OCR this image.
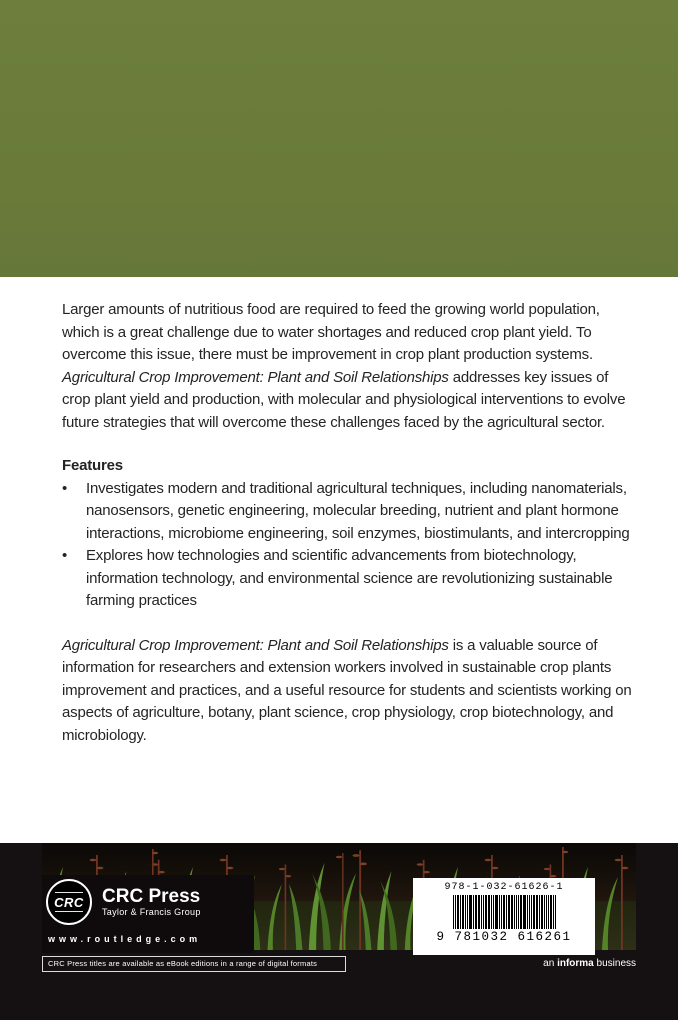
Larger amounts of nutritious food are required to feed the growing world population, which is a great challenge due to water shortages and reduced crop plant yield. To overcome this issue, there must be improvement in crop plant production systems. Agricultural Crop Improvement: Plant and Soil Relationships addresses key issues of crop plant yield and production, with molecular and physiological interventions to evolve future strategies that will overcome these challenges faced by the agricultural sector.

Features

•	Investigates modern and traditional agricultural techniques, including nanomaterials, nanosensors, genetic engineering, molecular breeding, nutrient and plant hormone interactions, microbiome engineering, soil enzymes, biostimulants, and intercropping
•	Explores how technologies and scientific advancements from biotechnology, information technology, and environmental science are revolutionizing sustainable farming practices

Agricultural Crop Improvement: Plant and Soil Relationships is a valuable source of information for researchers and extension workers involved in sustainable crop plants improvement and practices, and a useful resource for students and scientists working on aspects of agriculture, botany, plant science, crop physiology, crop biotechnology, and microbiology.

CRC CRC Press
Taylor & Francis Group
www.routledge.com
978-1-032-61626-1
9 781032 616261
CRC Press titles are available as eBook editions in a range of digital formats	an informa business
